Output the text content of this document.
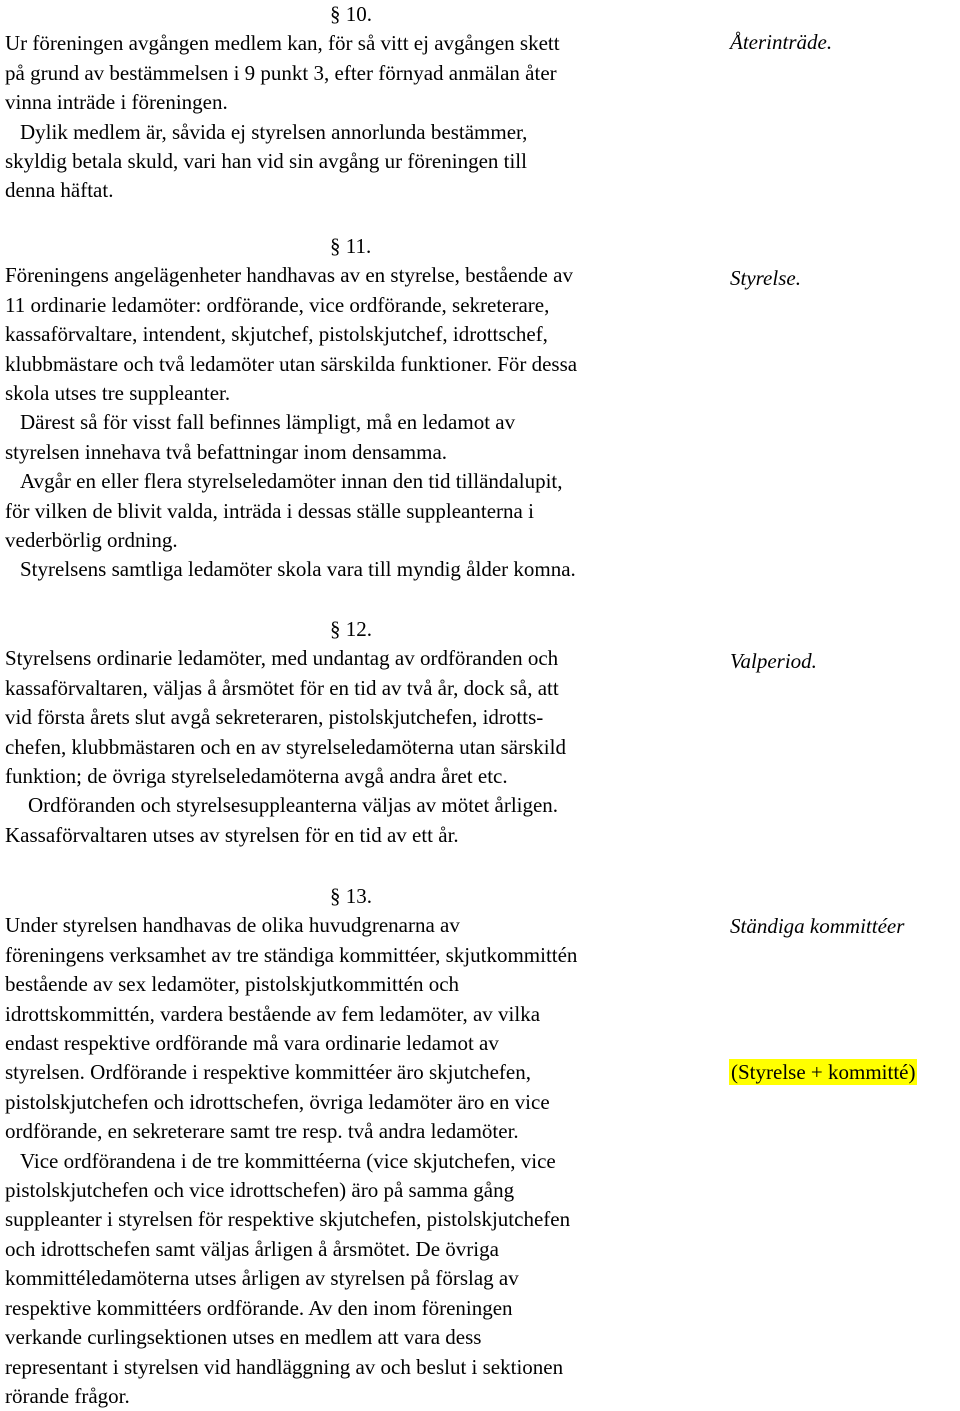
§ 10.
Ur föreningen avgången medlem kan, för så vitt ej avgången skett
på grund av bestämmelsen i 9 punkt 3, efter förnyad anmälan åter
vinna inträde i föreningen.
Dylik medlem är, såvida ej styrelsen annorlunda bestämmer,
skyldig betala skuld, vari han vid sin avgång ur föreningen till
denna häftat.
Återinträde.
§ 11.
Föreningens angelägenheter handhavas av en styrelse, bestående av
11 ordinarie ledamöter: ordförande, vice ordförande, sekreterare,
kassaförvaltare, intendent, skjutchef, pistolskjutchef, idrottschef,
klubbmästare och två ledamöter utan särskilda funktioner. För dessa
skola utses tre suppleanter.
Därest så för visst fall befinnes lämpligt, må en ledamot av
styrelsen innehava två befattningar inom densamma.
Avgår en eller flera styrelseledamöter innan den tid tilländalupit,
för vilken de blivit valda, inträda i dessas ställe suppleanterna i
vederbörlig ordning.
Styrelsens samtliga ledamöter skola vara till myndig ålder komna.
Styrelse.
§ 12.
Styrelsens ordinarie ledamöter, med undantag av ordföranden och
kassaförvaltaren, väljas å årsmötet för en tid av två år, dock så, att
vid första årets slut avgå sekreteraren, pistolskjutchefen, idrotts-
chefen, klubbmästaren och en av styrelseledamöterna utan särskild
funktion; de övriga styrelseledamöterna avgå andra året etc.
Ordföranden och styrelsesuppleanterna väljas av mötet årligen.
Kassaförvaltaren utses av styrelsen för en tid av ett år.
Valperiod.
§ 13.
Under styrelsen handhavas de olika huvudgrenarna av
föreningens verksamhet av tre ständiga kommittéer, skjutkommittén
bestående av sex ledamöter, pistolskjutkommittén och
idrottskommittén, vardera bestående av fem ledamöter, av vilka
endast respektive ordförande må vara ordinarie ledamot av
styrelsen. Ordförande i respektive kommittéer äro skjutchefen,
pistolskjutchefen och idrottschefen, övriga ledamöter äro en vice
ordförande, en sekreterare samt tre resp. två andra ledamöter.
Vice ordförandena i de tre kommittéerna (vice skjutchefen, vice
pistolskjutchefen och vice idrottschefen) äro på samma gång
suppleanter i styrelsen för respektive skjutchefen, pistolskjutchefen
och idrottschefen samt väljas årligen å årsmötet. De övriga
kommittéledamöterna utses årligen av styrelsen på förslag av
respektive kommittéers ordförande. Av den inom föreningen
verkande curlingsektionen utses en medlem att vara dess
representant i styrelsen vid handläggning av och beslut i sektionen
rörande frågor.
Ständiga kommittéer
(Styrelse + kommitté)
